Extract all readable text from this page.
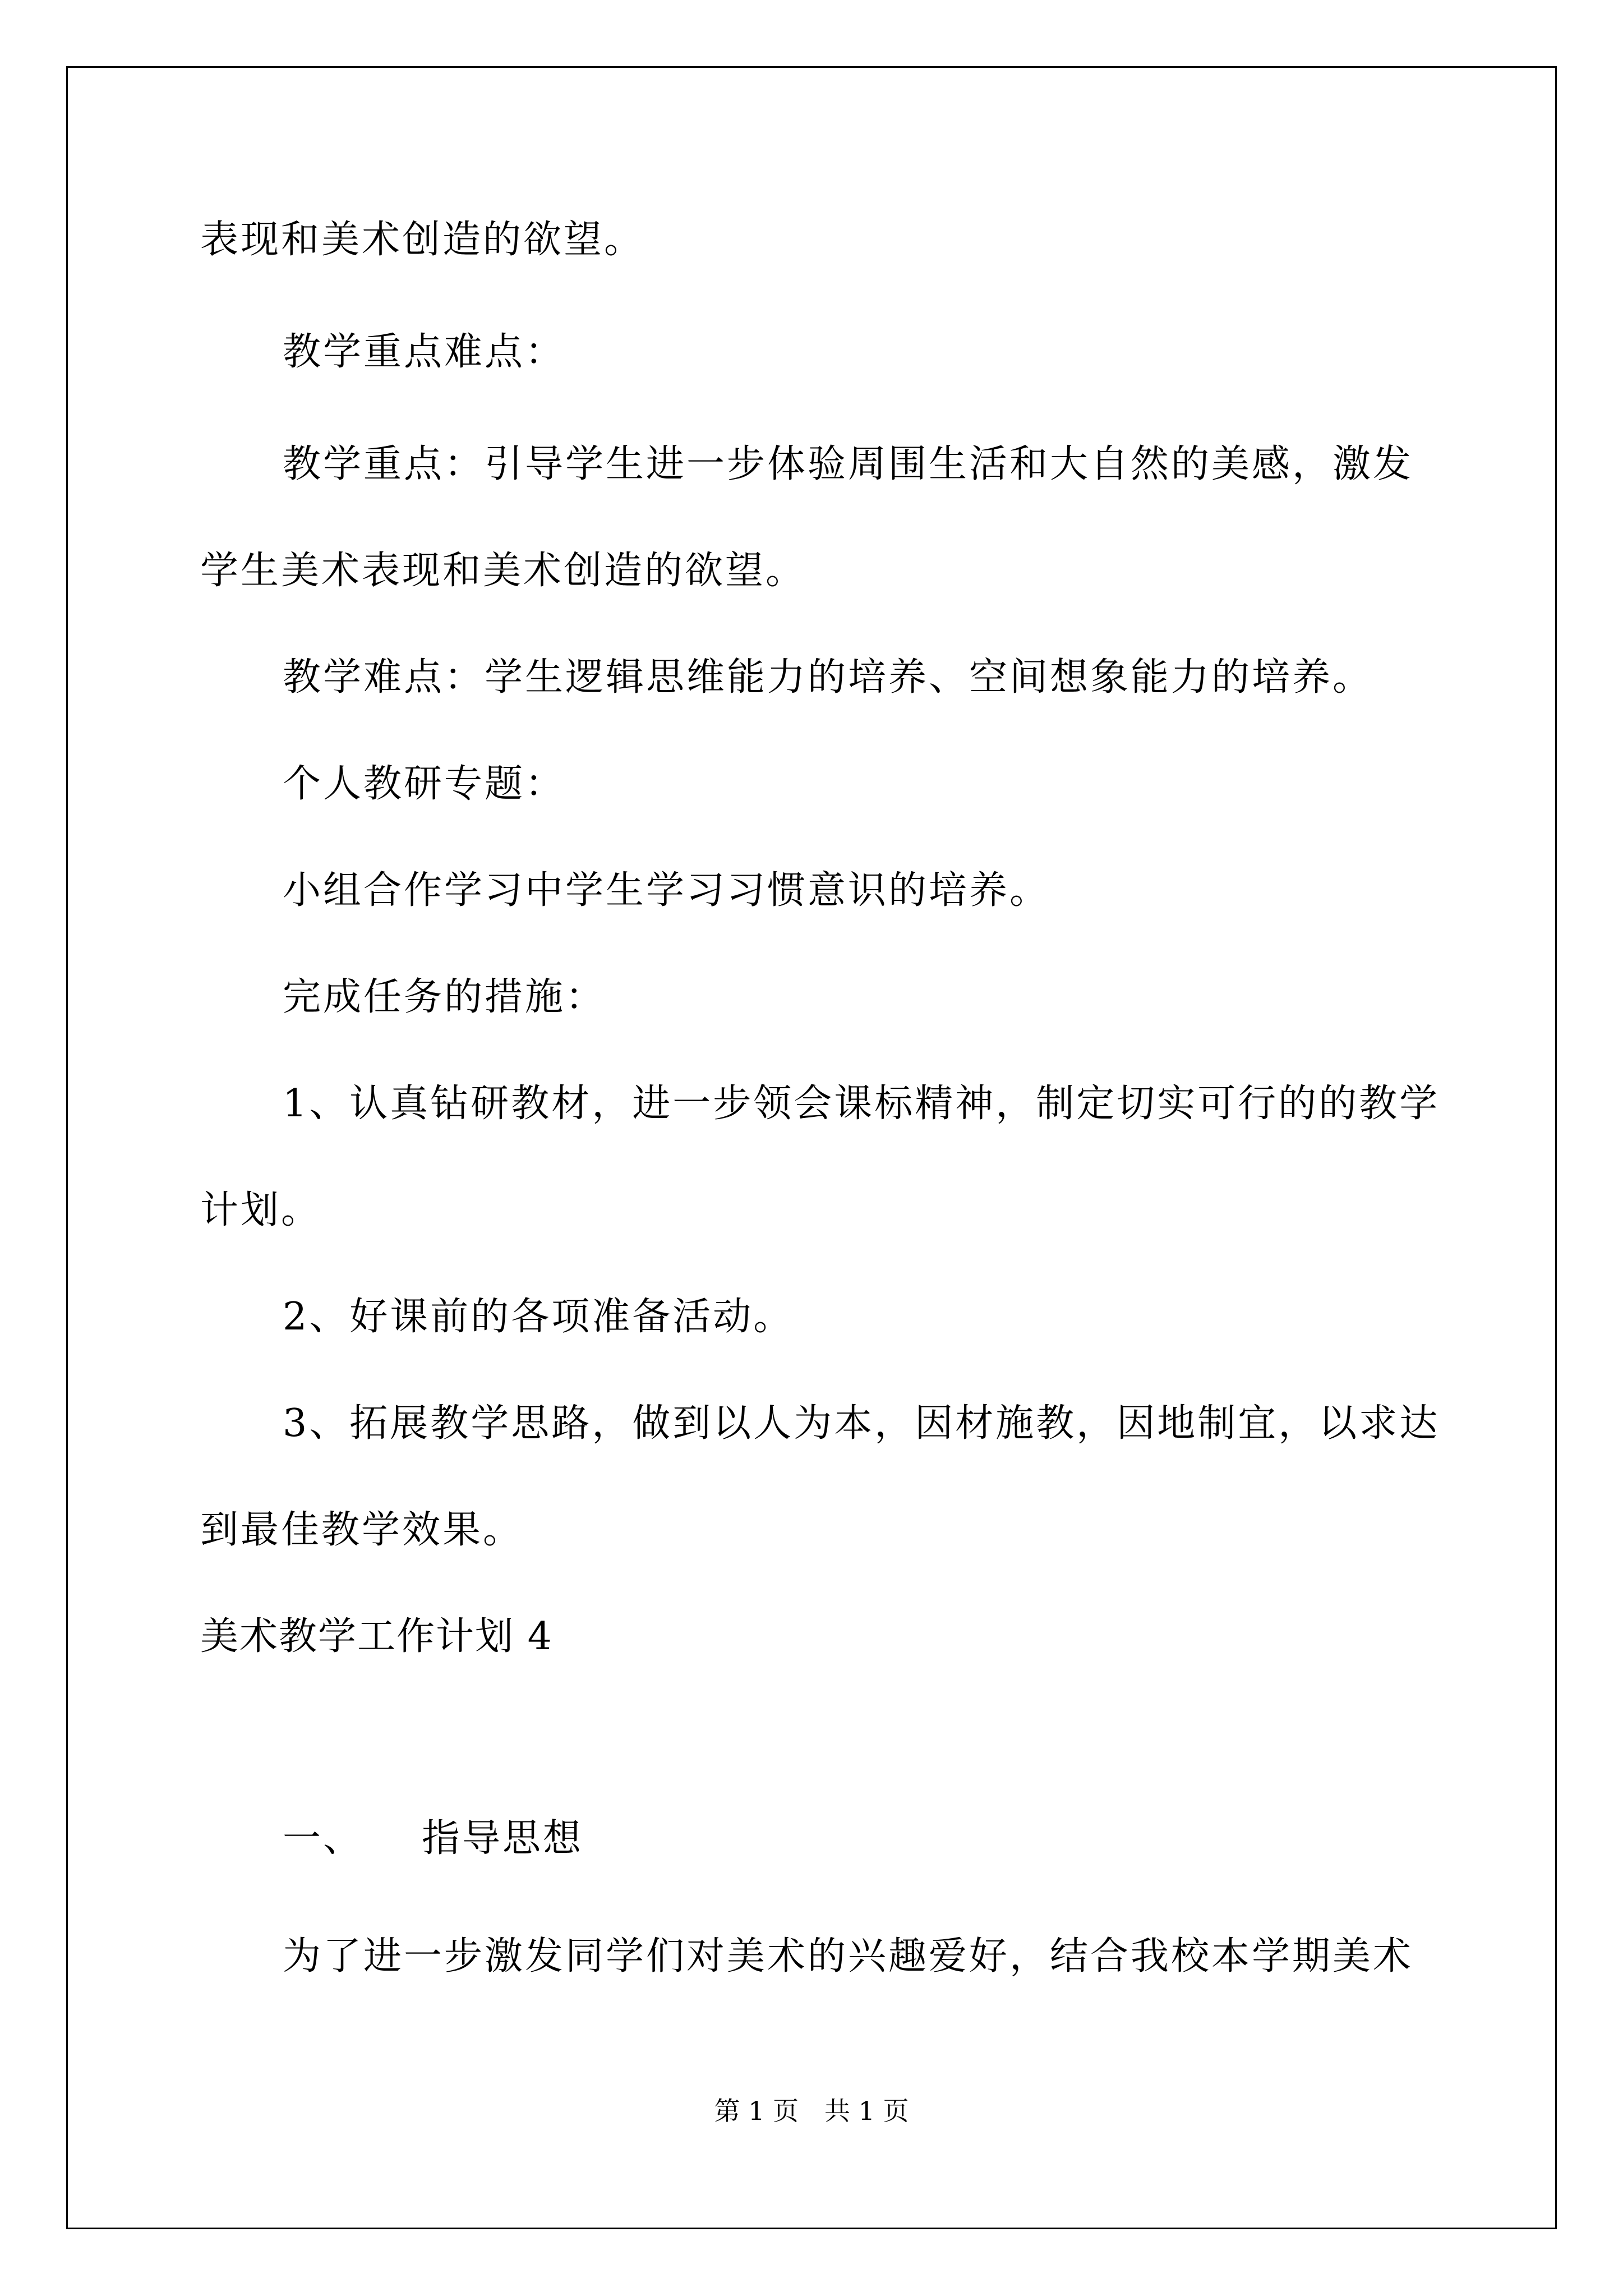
表现和美术创造的欲望。
教学重点难点：
教学重点：引导学生进一步体验周围生活和大自然的美感，激发
学生美术表现和美术创造的欲望。
教学难点：学生逻辑思维能力的培养、空间想象能力的培养。
个人教研专题：
小组合作学习中学生学习习惯意识的培养。
完成任务的措施：
1、认真钻研教材，进一步领会课标精神，制定切实可行的的教学
计划。
2、好课前的各项准备活动。
3、拓展教学思路，做到以人为本，因材施教，因地制宜，以求达
到最佳教学效果。
美术教学工作计划 4
一、 指导思想
为了进一步激发同学们对美术的兴趣爱好，结合我校本学期美术
第 1 页 共 1 页
